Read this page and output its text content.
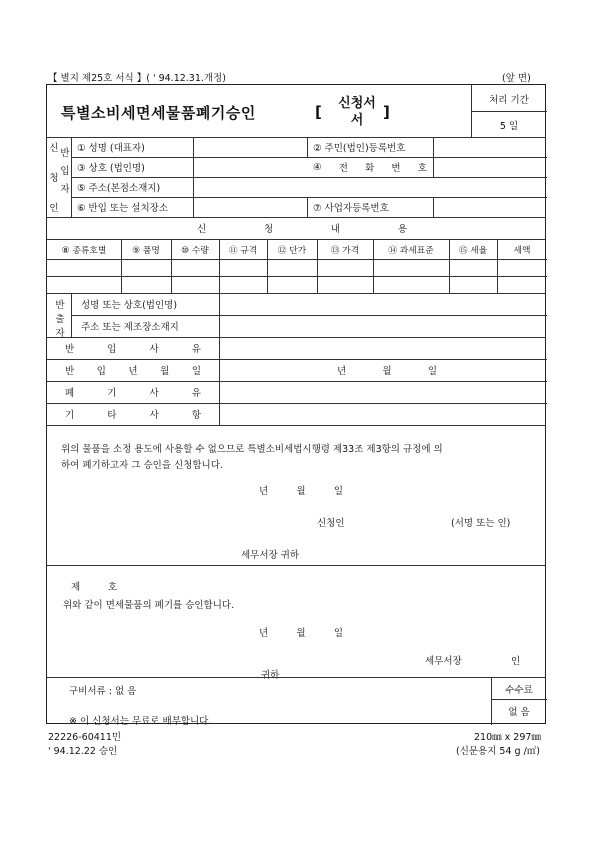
【 별지 제25호 서식 】( ' 94.12.31.개정)	(앞 면)
특별소비세면세물품폐기승인	[	신청서
서	]
처리 기간
5 일
신
청
인
반
입
자
① 성명 (대표자)	② 주민(법인)등록번호
③ 상호 (법인명)	④ 전 화 번 호
⑤ 주소(본점소재지)
⑥ 반입 또는 설치장소	⑦ 사업자등록번호
신	청	내	용
⑧ 종류호별	⑨ 품명	⑩ 수량	⑪ 규격	⑫ 단가	⑬ 가격	⑭ 과세표준	⑮ 세율	세액
반
출
자
성명 또는 상호(법인명)
주소 또는 제조장소재지
반	입	사	유
반 입 년 월 일	년	월	일
폐	기	사	유
기	타	사	항
위의 물품을 소정 용도에 사용할 수 없으므로 특별소비세법시행령 제33조 제3항의 규정에 의
하여 폐기하고자 그 승인을 신청합니다.
년	월	일
신청인	(서명 또는 인)
세무서장 귀하
제	호
위와 같이 면세물품의 폐기를 승인합니다.
년	월	일
세무서장	인
귀하
구비서류 : 없 음	수수료
없 음
※ 이 신청서는 무료로 배부합니다.
22226-60411민
' 94.12.22 승인
210㎜ x 297㎜
(신문용지 54 g /㎡)
